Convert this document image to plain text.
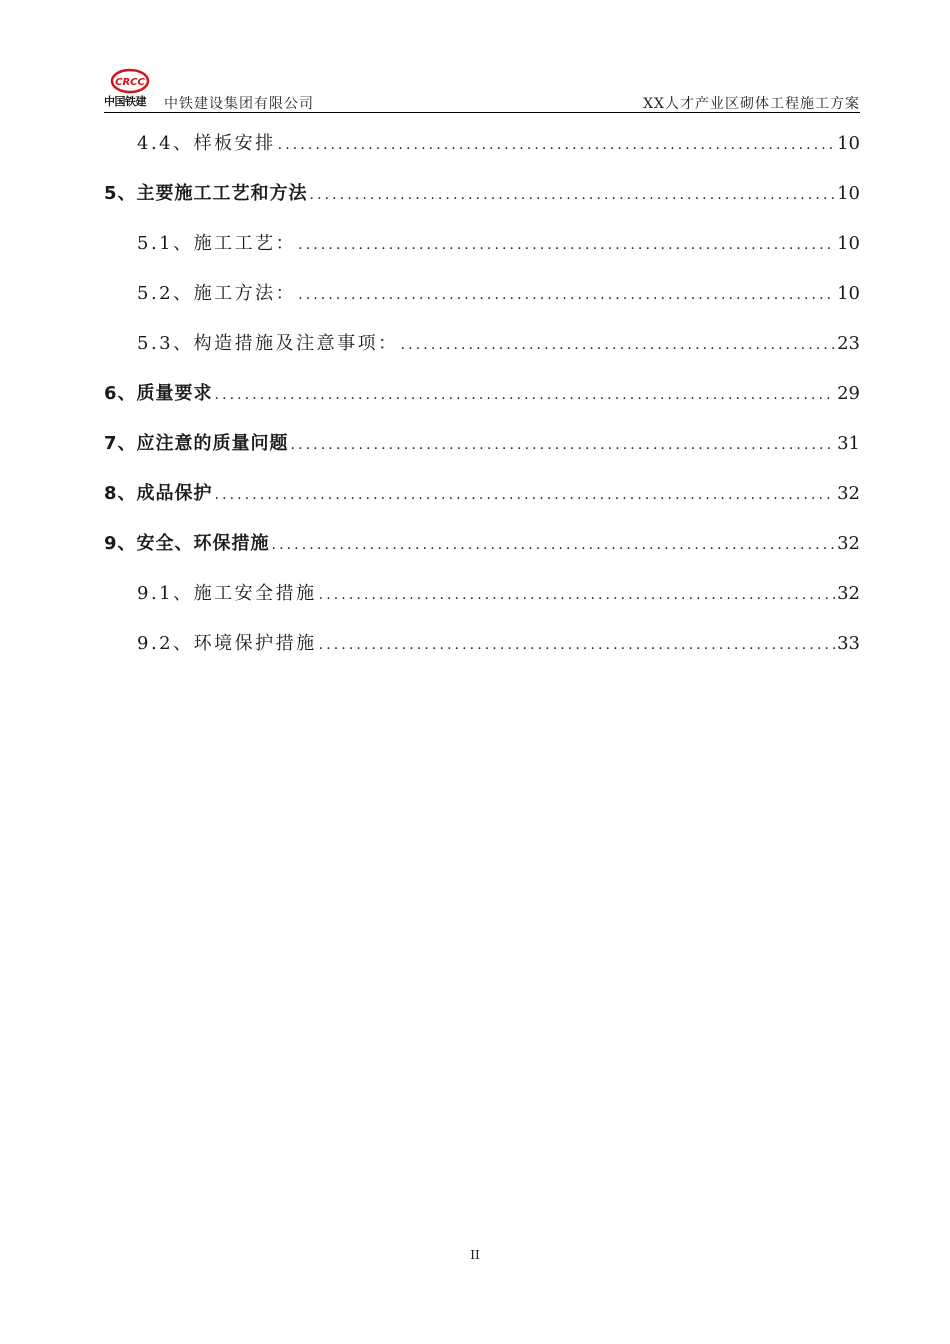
CRCC
中国铁建 中铁建设集团有限公司	XX人才产业区砌体工程施工方案
4.4、样板安排 .....	10
5、主要施工工艺和方法 .....	10
5.1、施工工艺： .....	10
5.2、施工方法： .....	10
5.3、构造措施及注意事项： .....	23
6、质量要求 .....	29
7、应注意的质量问题 .....	31
8、成品保护 .....	32
9、安全、环保措施 .....	32
9.1、施工安全措施 .....	32
9.2、环境保护措施 .....	33
II
